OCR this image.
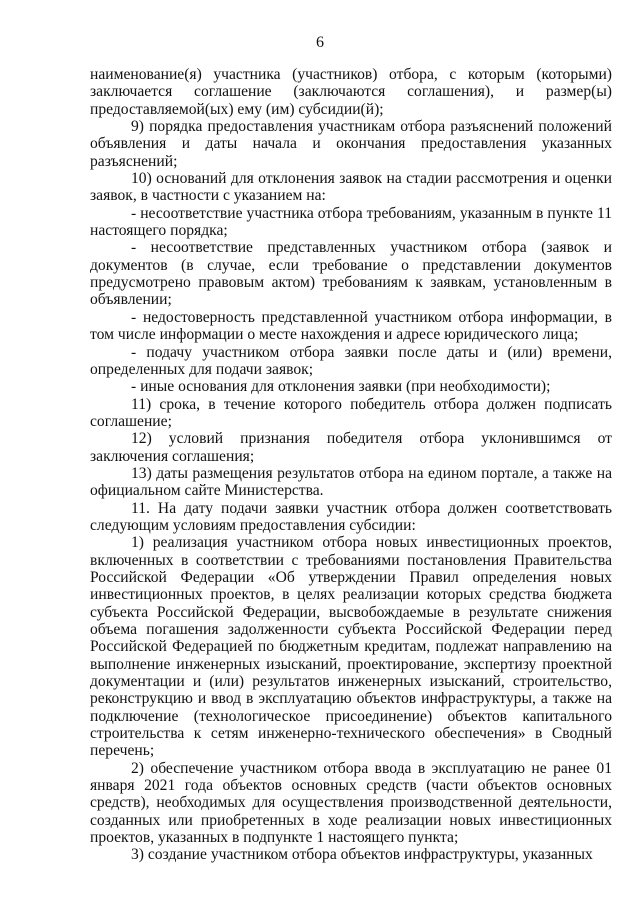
6

наименование(я) участника (участников) отбора, с которым (которыми) заключается соглашение (заключаются соглашения), и размер(ы) предоставляемой(ых) ему (им) субсидии(й);

9) порядка предоставления участникам отбора разъяснений положений объявления и даты начала и окончания предоставления указанных разъяснений;

10) оснований для отклонения заявок на стадии рассмотрения и оценки заявок, в частности с указанием на:

- несоответствие участника отбора требованиям, указанным в пункте 11 настоящего порядка;

- несоответствие представленных участником отбора (заявок и документов (в случае, если требование о представлении документов предусмотрено правовым актом) требованиям к заявкам, установленным в объявлении;

- недостоверность представленной участником отбора информации, в том числе информации о месте нахождения и адресе юридического лица;

- подачу участником отбора заявки после даты и (или) времени, определенных для подачи заявок;

- иные основания для отклонения заявки (при необходимости);

11) срока, в течение которого победитель отбора должен подписать соглашение;

12) условий признания победителя отбора уклонившимся от заключения соглашения;

13) даты размещения результатов отбора на едином портале, а также на официальном сайте Министерства.

11. На дату подачи заявки участник отбора должен соответствовать следующим условиям предоставления субсидии:

1) реализация участником отбора новых инвестиционных проектов, включенных в соответствии с требованиями постановления Правительства Российской Федерации «Об утверждении Правил определения новых инвестиционных проектов, в целях реализации которых средства бюджета субъекта Российской Федерации, высвобождаемые в результате снижения объема погашения задолженности субъекта Российской Федерации перед Российской Федерацией по бюджетным кредитам, подлежат направлению на выполнение инженерных изысканий, проектирование, экспертизу проектной документации и (или) результатов инженерных изысканий, строительство, реконструкцию и ввод в эксплуатацию объектов инфраструктуры, а также на подключение (технологическое присоединение) объектов капитального строительства к сетям инженерно-технического обеспечения» в Сводный перечень;

2) обеспечение участником отбора ввода в эксплуатацию не ранее 01 января 2021 года объектов основных средств (части объектов основных средств), необходимых для осуществления производственной деятельности, созданных или приобретенных в ходе реализации новых инвестиционных проектов, указанных в подпункте 1 настоящего пункта;

3) создание участником отбора объектов инфраструктуры, указанных
